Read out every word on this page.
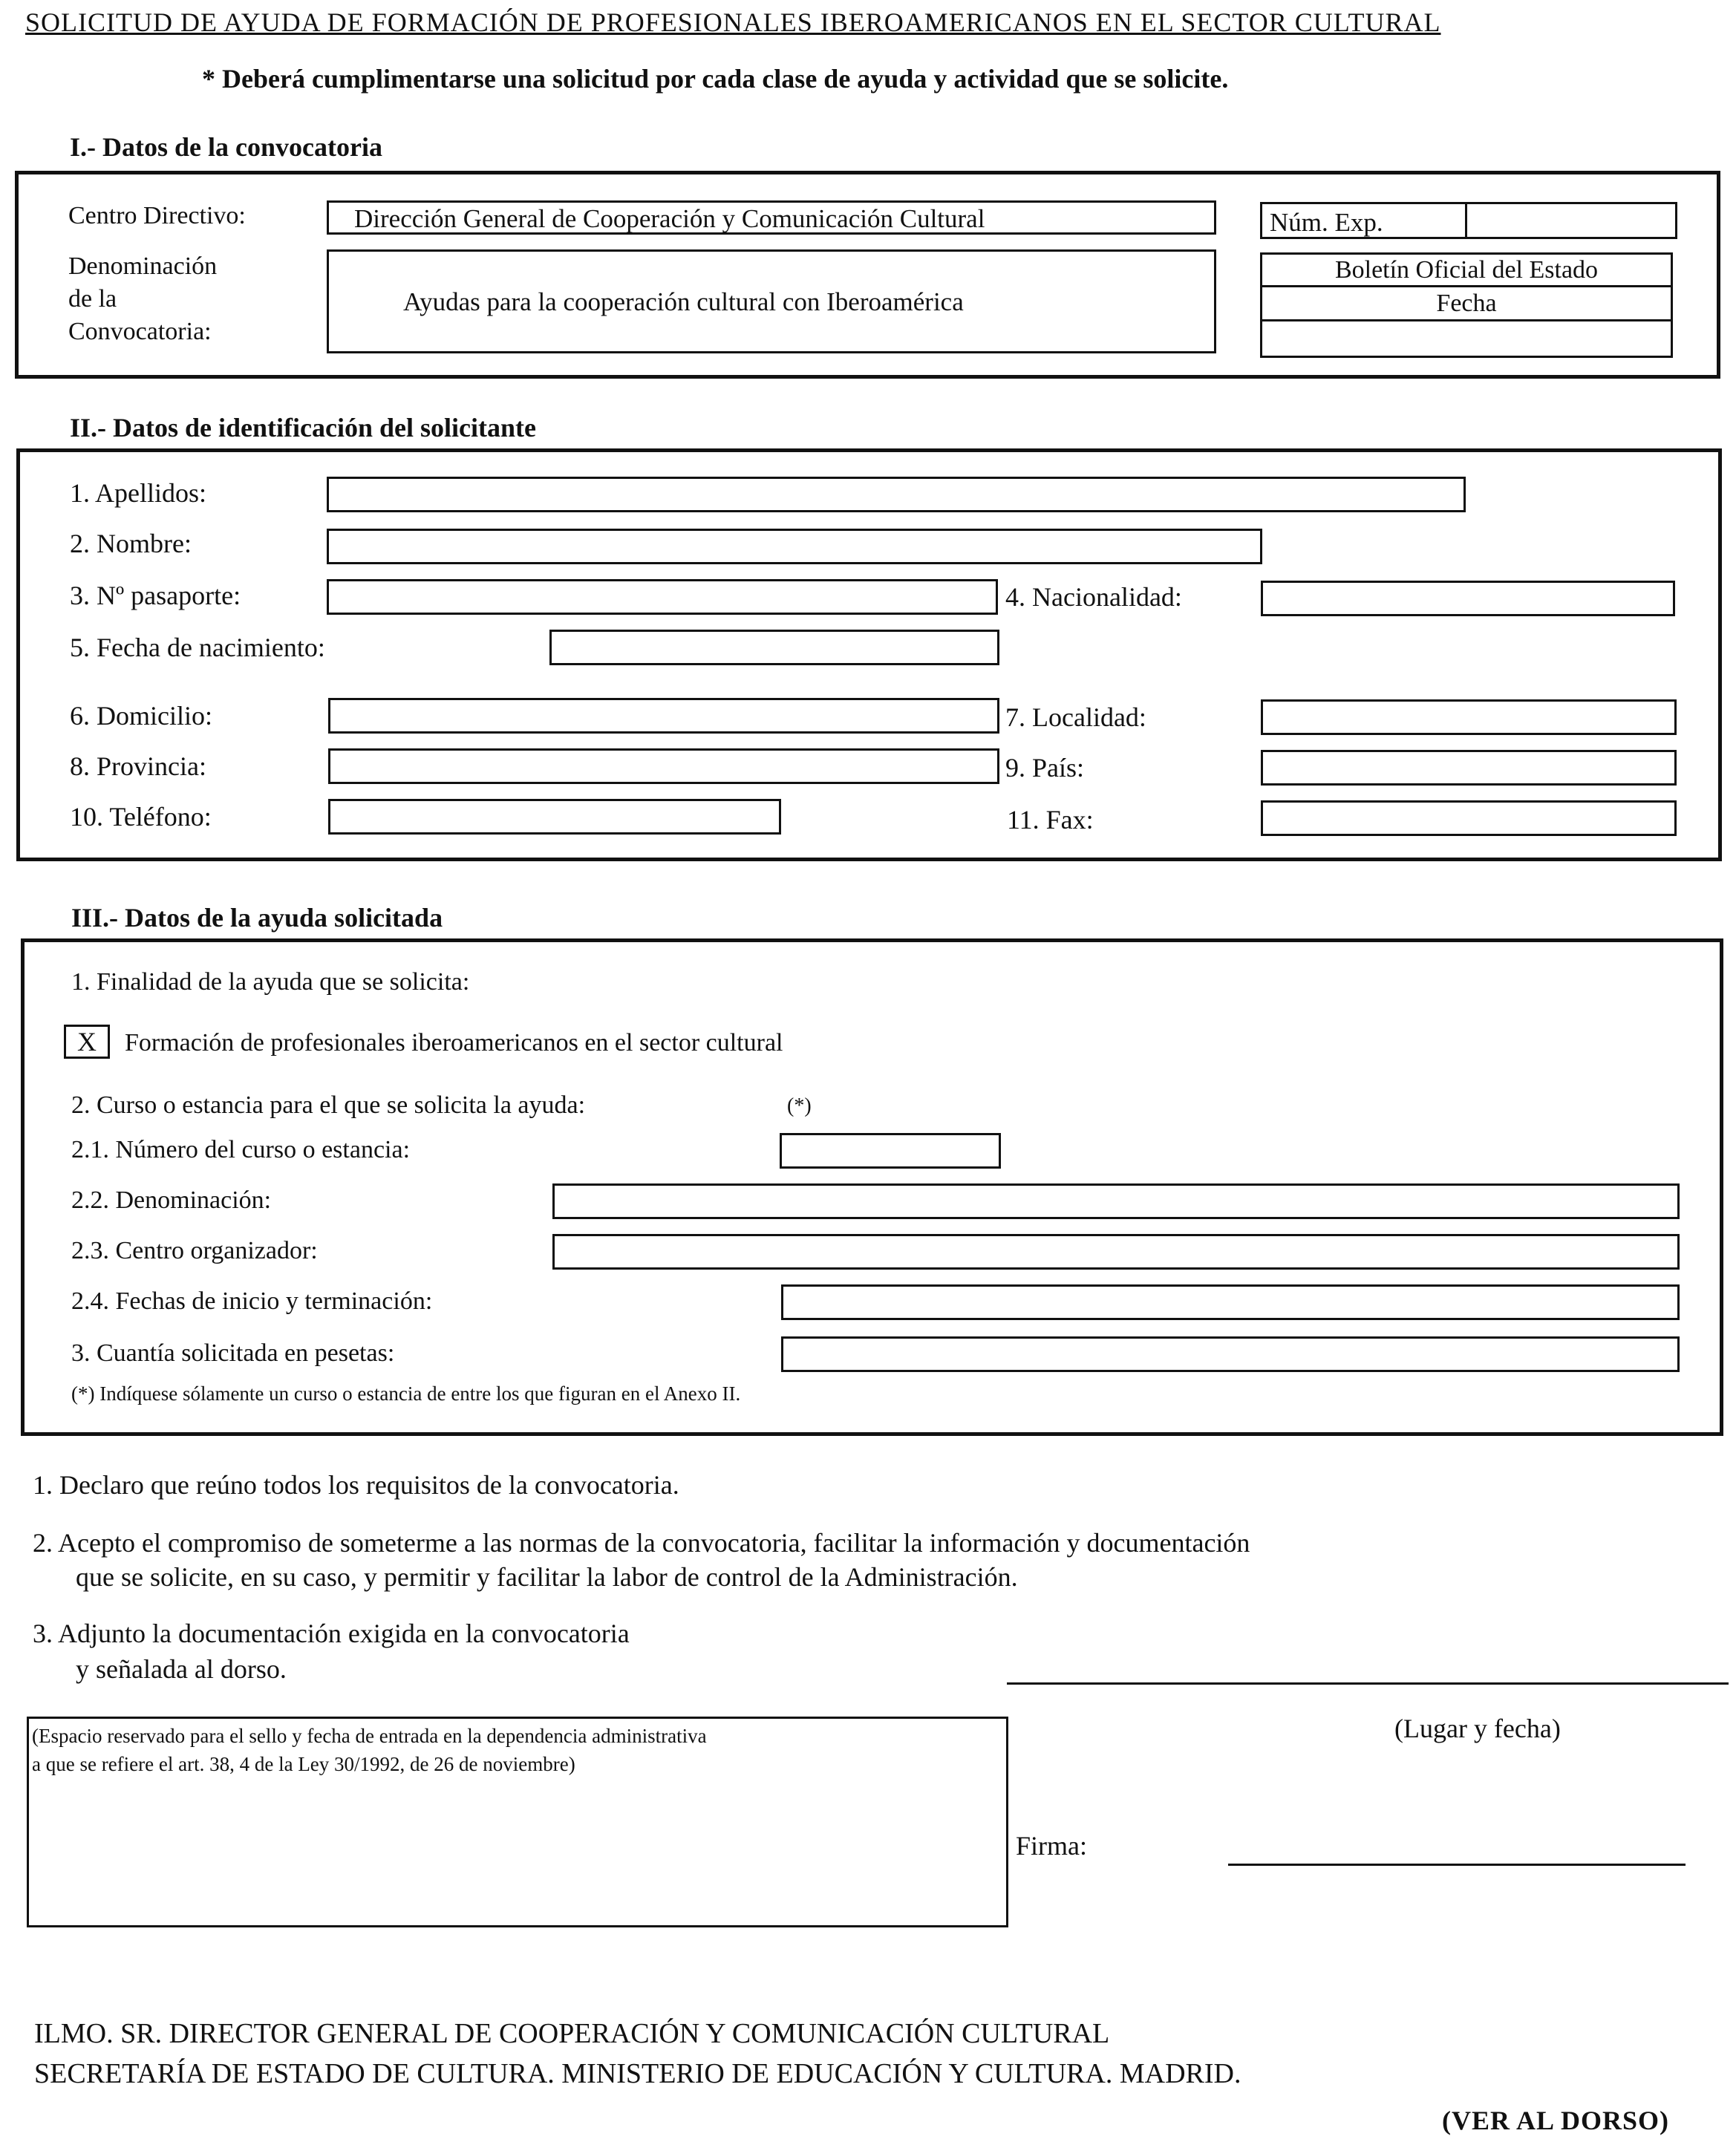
SOLICITUD DE AYUDA DE FORMACIÓN DE PROFESIONALES IBEROAMERICANOS EN EL SECTOR CULTURAL
* Deberá cumplimentarse una solicitud por cada clase de ayuda y actividad que se solicite.
I.- Datos de la convocatoria
Centro Directivo:	Dirección General de Cooperación y Comunicación Cultural	Núm. Exp.
Denominación
de la
Convocatoria:
Ayudas para la cooperación cultural con Iberoamérica
Boletín Oficial del Estado
Fecha
II.- Datos de identificación del solicitante
1. Apellidos:
2. Nombre:
3. Nº pasaporte:	4. Nacionalidad:
5. Fecha de nacimiento:
6. Domicilio:	7. Localidad:
8. Provincia:	9. País:
10. Teléfono:	11. Fax:
III.- Datos de la ayuda solicitada
1. Finalidad de la ayuda que se solicita:
X	Formación de profesionales iberoamericanos en el sector cultural
2. Curso o estancia para el que se solicita la ayuda:	(*)
2.1. Número del curso o estancia:
2.2. Denominación:
2.3. Centro organizador:
2.4. Fechas de inicio y terminación:
3. Cuantía solicitada en pesetas:
(*) Indíquese sólamente un curso o estancia de entre los que figuran en el Anexo II.
1. Declaro que reúno todos los requisitos de la convocatoria.
2. Acepto el compromiso de someterme a las normas de la convocatoria, facilitar la información y documentación
que se solicite, en su caso, y permitir y facilitar la labor de control de la Administración.
3. Adjunto la documentación exigida en la convocatoria
y señalada al dorso.
(Lugar y fecha)
(Espacio reservado para el sello y fecha de entrada en la dependencia administrativa
a que se refiere el art. 38, 4 de la Ley 30/1992, de 26 de noviembre)
Firma:
ILMO. SR. DIRECTOR GENERAL DE COOPERACIÓN Y COMUNICACIÓN CULTURAL
SECRETARÍA DE ESTADO DE CULTURA. MINISTERIO DE EDUCACIÓN Y CULTURA. MADRID.
(VER AL DORSO)
